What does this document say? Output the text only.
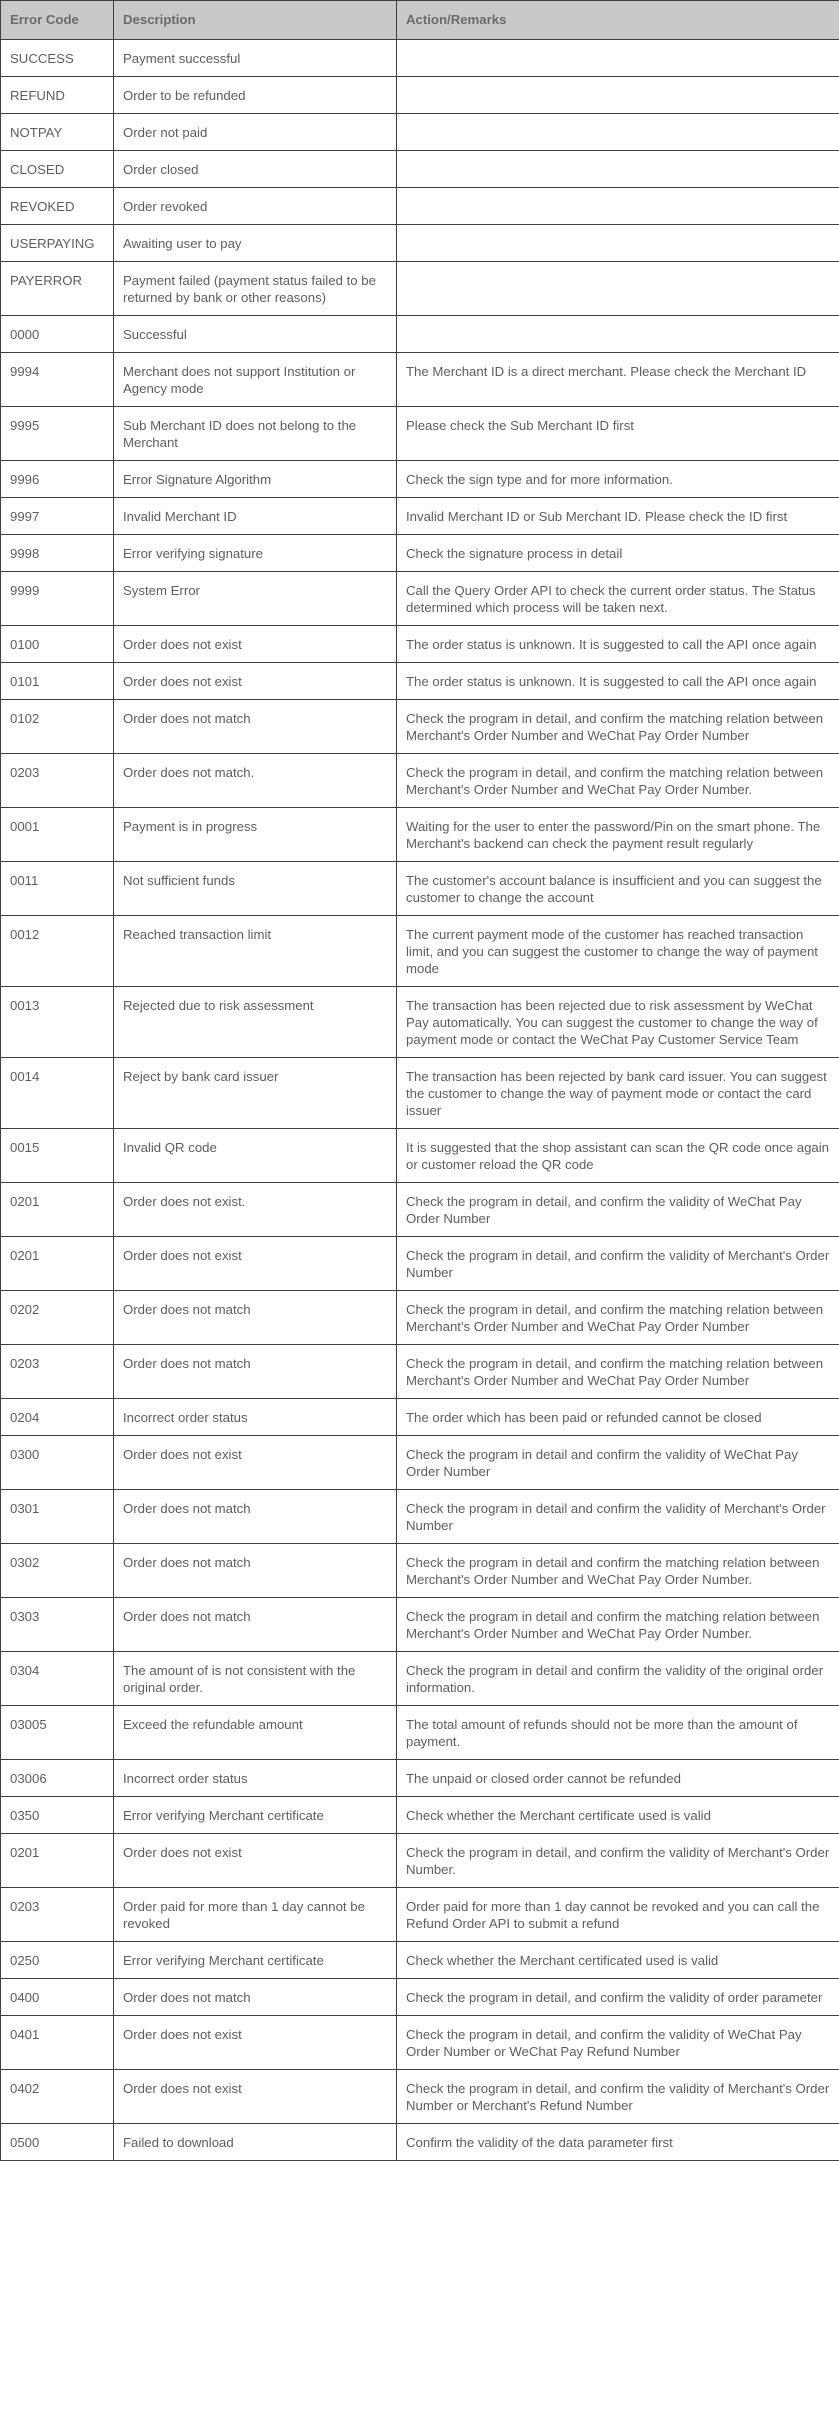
Error Code	Description	Action/Remarks
SUCCESS	Payment successful	
REFUND	Order to be refunded	
NOTPAY	Order not paid	
CLOSED	Order closed	
REVOKED	Order revoked	
USERPAYING	Awaiting user to pay	
PAYERROR	Payment failed (payment status failed to be returned by bank or other reasons)	
0000	Successful	
9994	Merchant does not support Institution or Agency mode	The Merchant ID is a direct merchant. Please check the Merchant ID
9995	Sub Merchant ID does not belong to the Merchant	Please check the Sub Merchant ID first
9996	Error Signature Algorithm	Check the sign type and for more information.
9997	Invalid Merchant ID	Invalid Merchant ID or Sub Merchant ID. Please check the ID first
9998	Error verifying signature	Check the signature process in detail
9999	System Error	Call the Query Order API to check the current order status. The Status determined which process will be taken next.
0100	Order does not exist	The order status is unknown. It is suggested to call the API once again
0101	Order does not exist	The order status is unknown. It is suggested to call the API once again
0102	Order does not match	Check the program in detail, and confirm the matching relation between Merchant's Order Number and WeChat Pay Order Number
0203	Order does not match.	Check the program in detail, and confirm the matching relation between Merchant's Order Number and WeChat Pay Order Number.
0001	Payment is in progress	Waiting for the user to enter the password/Pin on the smart phone. The Merchant's backend can check the payment result regularly
0011	Not sufficient funds	The customer's account balance is insufficient and you can suggest the customer to change the account
0012	Reached transaction limit	The current payment mode of the customer has reached transaction limit, and you can suggest the customer to change the way of payment mode
0013	Rejected due to risk assessment	The transaction has been rejected due to risk assessment by WeChat Pay automatically. You can suggest the customer to change the way of payment mode or contact the WeChat Pay Customer Service Team
0014	Reject by bank card issuer	The transaction has been rejected by bank card issuer. You can suggest the customer to change the way of payment mode or contact the card issuer
0015	Invalid QR code	It is suggested that the shop assistant can scan the QR code once again or customer reload the QR code
0201	Order does not exist.	Check the program in detail, and confirm the validity of WeChat Pay Order Number
0201	Order does not exist	Check the program in detail, and confirm the validity of Merchant's Order Number
0202	Order does not match	Check the program in detail, and confirm the matching relation between Merchant's Order Number and WeChat Pay Order Number
0203	Order does not match	Check the program in detail, and confirm the matching relation between Merchant's Order Number and WeChat Pay Order Number
0204	Incorrect order status	The order which has been paid or refunded cannot be closed
0300	Order does not exist	Check the program in detail and confirm the validity of WeChat Pay Order Number
0301	Order does not match	Check the program in detail and confirm the validity of Merchant's Order Number
0302	Order does not match	Check the program in detail and confirm the matching relation between Merchant's Order Number and WeChat Pay Order Number.
0303	Order does not match	Check the program in detail and confirm the matching relation between Merchant's Order Number and WeChat Pay Order Number.
0304	The amount of is not consistent with the original order.	Check the program in detail and confirm the validity of the original order information.
03005	Exceed the refundable amount	The total amount of refunds should not be more than the amount of payment.
03006	Incorrect order status	The unpaid or closed order cannot be refunded
0350	Error verifying Merchant certificate	Check whether the Merchant certificate used is valid
0201	Order does not exist	Check the program in detail, and confirm the validity of Merchant's Order Number.
0203	Order paid for more than 1 day cannot be revoked	Order paid for more than 1 day cannot be revoked and you can call the Refund Order API to submit a refund
0250	Error verifying Merchant certificate	Check whether the Merchant certificated used is valid
0400	Order does not match	Check the program in detail, and confirm the validity of order parameter
0401	Order does not exist	Check the program in detail, and confirm the validity of WeChat Pay Order Number or WeChat Pay Refund Number
0402	Order does not exist	Check the program in detail, and confirm the validity of Merchant's Order Number or Merchant's Refund Number
0500	Failed to download	Confirm the validity of the data parameter first
